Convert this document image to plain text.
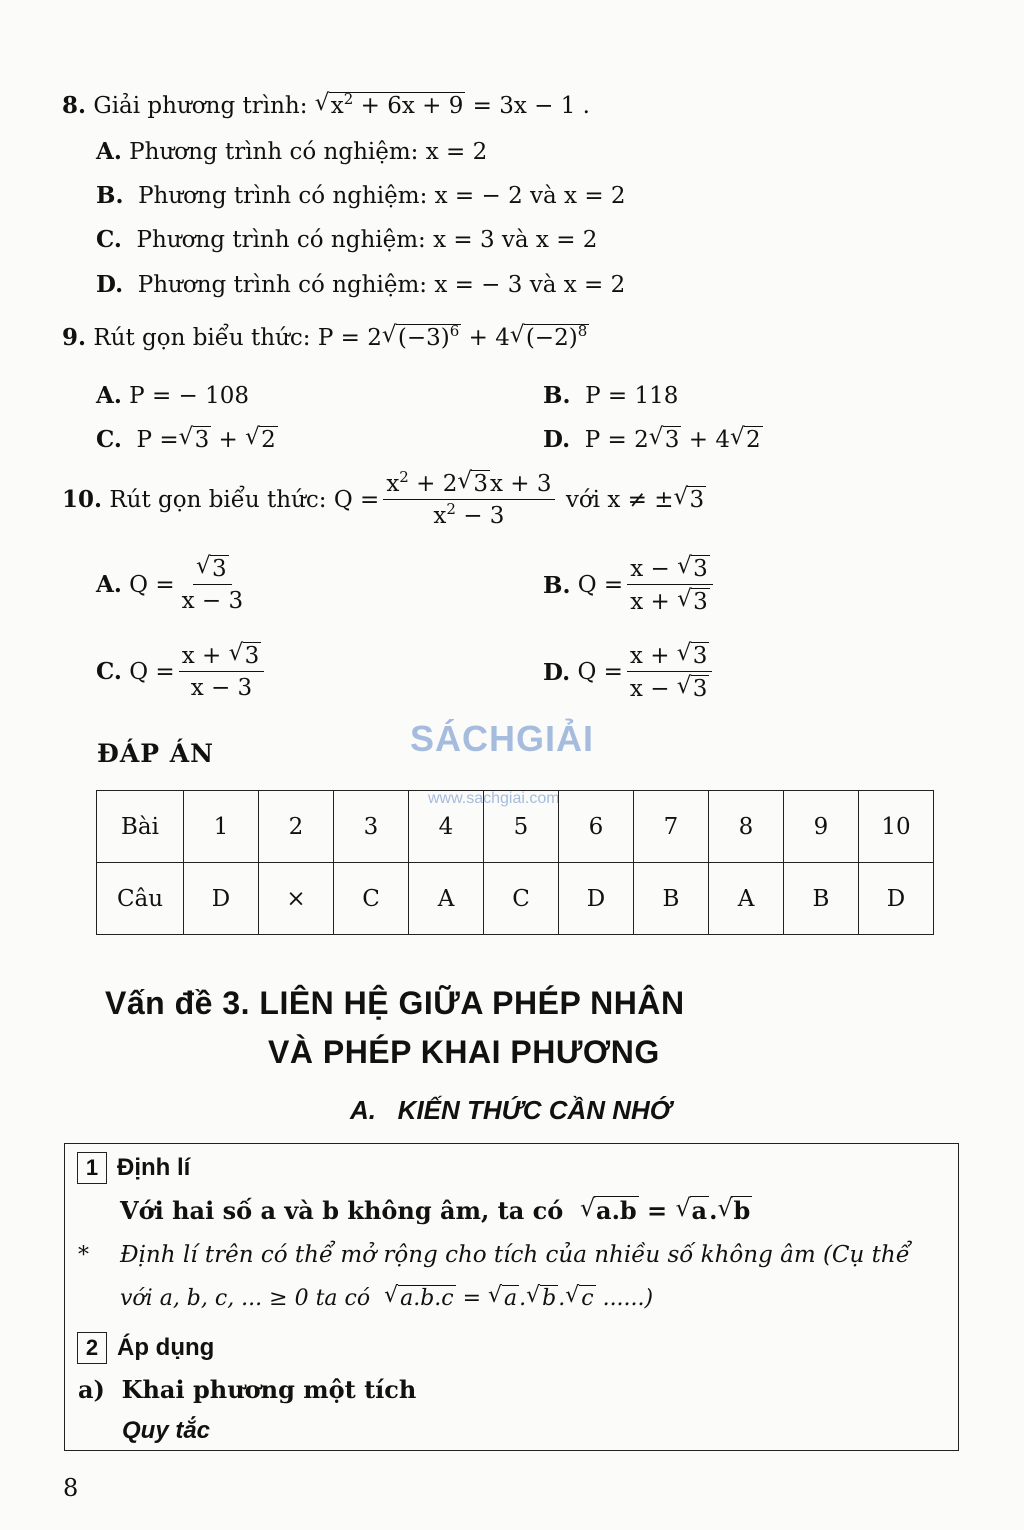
8. Giải phương trình: √ $x^2 + 6x + 9 = 3x - 1$ .
A. Phương trình có nghiệm: x = 2
B. Phương trình có nghiệm: x = − 2 và x = 2
C. Phương trình có nghiệm: x = 3 và x = 2
D. Phương trình có nghiệm: x = − 3 và x = 2
9. Rút gọn biểu thức: P = 2 √ $(-3)^6 + 4$ √ $(-2)^8$
A. P = − 108	B. P = 118
C. P = √ 3 + √ 2	D. P = 2 √ 3 + 4 √ 2
10.
Rút gọn biểu thức: $Q = \frac{x^2 + 2 √ 3x + 3}{x^2 - 3}$
với x ≠ ± √ 3
A.
Q = √ $\frac{3}{x - 3}$	B.
$Q = \frac{x - √ 3}{x + √ 3}$
C.
$Q = \frac{x + √ 3}{x - 3}$	D.
$Q = \frac{x + √ 3}{x - √ 3}$
ĐÁP ÁN	SÁCHGIẢI
www.sachgiai.com
Bài	1	2	3	4	5	6	7	8	9	10
Câu	D	×	C	A	C	D	B	A	B	D
Vấn đề 3. LIÊN HỆ GIỮA PHÉP NHÂN
VÀ PHÉP KHAI PHƯƠNG
A. KIẾN THỨC CẦN NHỚ
1 Định lí
Với hai số a và b không âm, ta có √ a.b = √ a. √ b
* Định lí trên có thể mở rộng cho tích của nhiều số không âm (Cụ thể
với a, b, c, ... ≥ 0 ta có √ a.b.c = √ a. √ b. √ c ......)
2 Áp dụng
a) Khai phương một tích
Quy tắc
8
